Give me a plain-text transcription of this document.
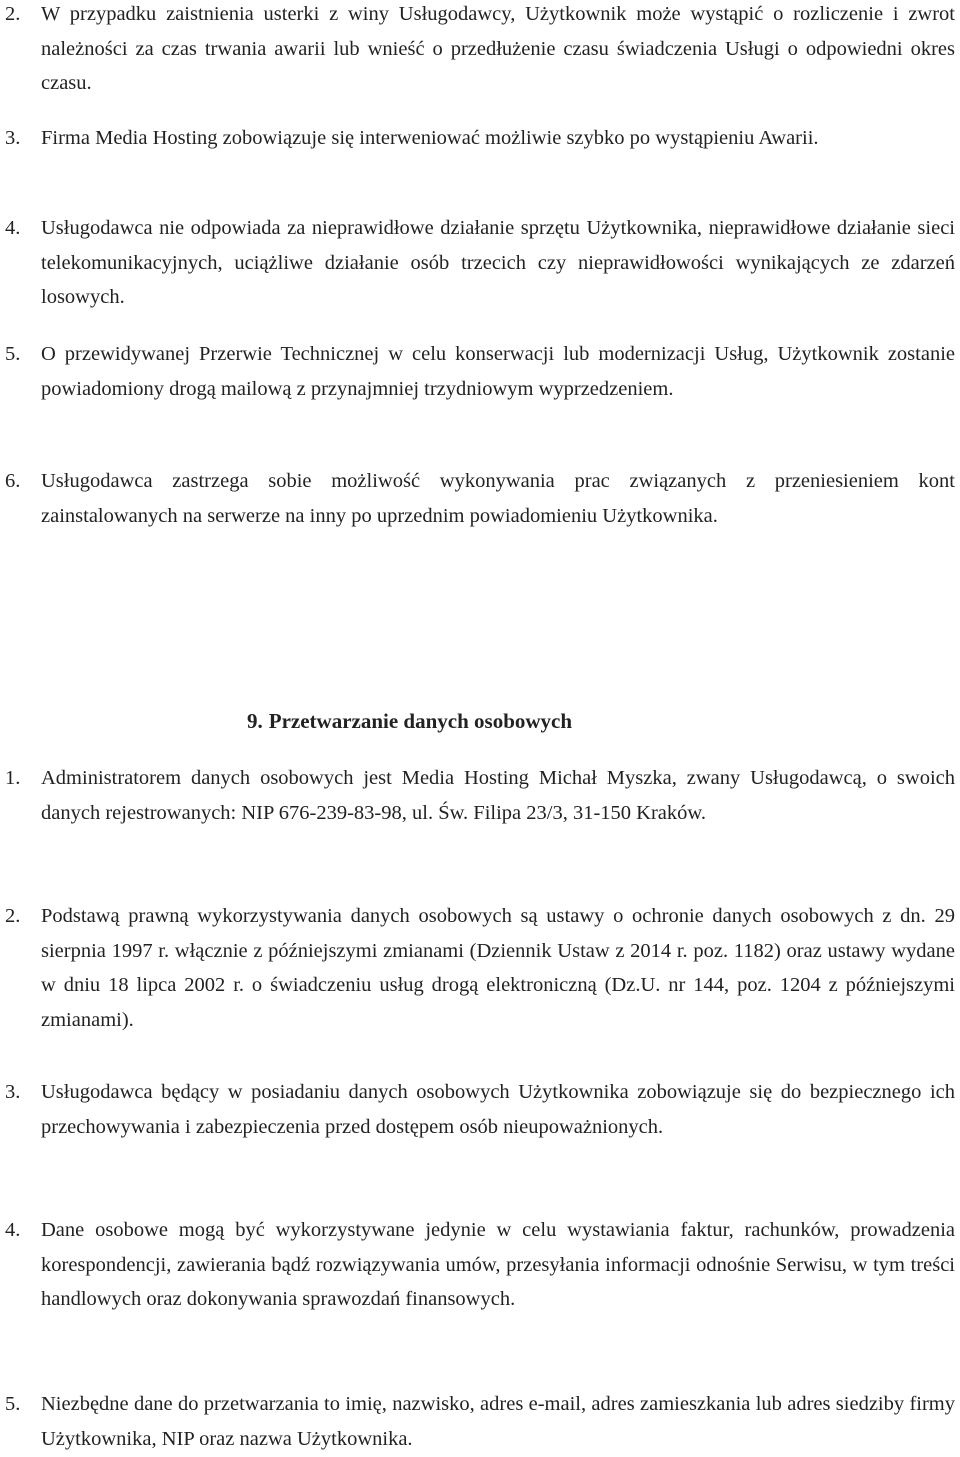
2. W przypadku zaistnienia usterki z winy Usługodawcy, Użytkownik może wystąpić o rozliczenie i zwrot należności za czas trwania awarii lub wnieść o przedłużenie czasu świadczenia Usługi o odpowiedni okres czasu.
3. Firma Media Hosting zobowiązuje się interweniować możliwie szybko po wystąpieniu Awarii.
4. Usługodawca nie odpowiada za nieprawidłowe działanie sprzętu Użytkownika, nieprawidłowe działanie sieci telekomunikacyjnych, uciążliwe działanie osób trzecich czy nieprawidłowości wynikających ze zdarzeń losowych.
5. O przewidywanej Przerwie Technicznej w celu konserwacji lub modernizacji Usług, Użytkownik zostanie powiadomiony drogą mailową z przynajmniej trzydniowym wyprzedzeniem.
6. Usługodawca zastrzega sobie możliwość wykonywania prac związanych z przeniesieniem kont zainstalowanych na serwerze na inny po uprzednim powiadomieniu Użytkownika.
9. Przetwarzanie danych osobowych
1. Administratorem danych osobowych jest Media Hosting Michał Myszka, zwany Usługodawcą, o swoich danych rejestrowanych: NIP 676-239-83-98, ul. Św. Filipa 23/3, 31-150 Kraków.
2. Podstawą prawną wykorzystywania danych osobowych są ustawy o ochronie danych osobowych z dn. 29 sierpnia 1997 r. włącznie z późniejszymi zmianami (Dziennik Ustaw z 2014 r. poz. 1182) oraz ustawy wydane w dniu 18 lipca 2002 r. o świadczeniu usług drogą elektroniczną (Dz.U. nr 144, poz. 1204 z późniejszymi zmianami).
3. Usługodawca będący w posiadaniu danych osobowych Użytkownika zobowiązuje się do bezpiecznego ich przechowywania i zabezpieczenia przed dostępem osób nieupoważnionych.
4. Dane osobowe mogą być wykorzystywane jedynie w celu wystawiania faktur, rachunków, prowadzenia korespondencji, zawierania bądź rozwiązywania umów, przesyłania informacji odnośnie Serwisu, w tym treści handlowych oraz dokonywania sprawozdań finansowych.
5. Niezbędne dane do przetwarzania to imię, nazwisko, adres e-mail, adres zamieszkania lub adres siedziby firmy Użytkownika, NIP oraz nazwa Użytkownika.
